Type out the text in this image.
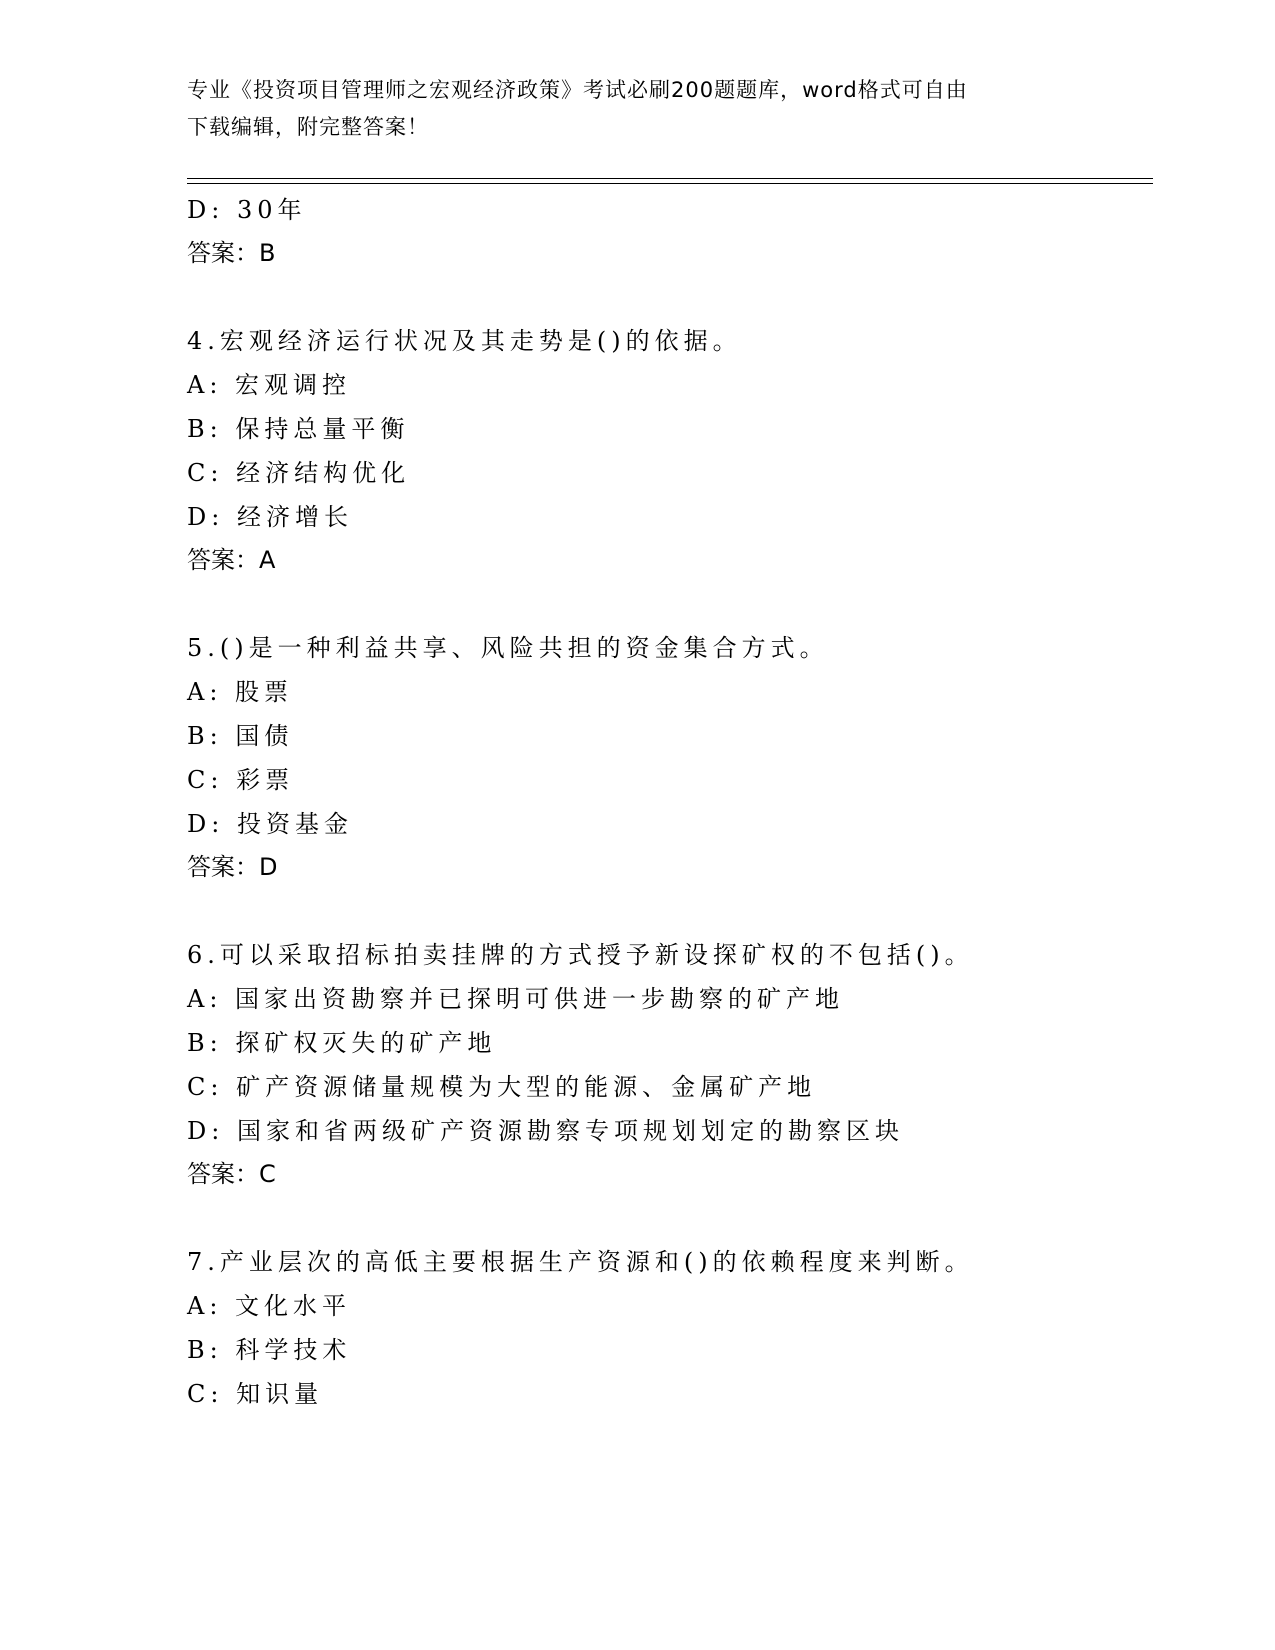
专业《投资项目管理师之宏观经济政策》考试必刷200题题库，word格式可自由
下载编辑，附完整答案！
D: 30年
答案：B
4.宏观经济运行状况及其走势是()的依据。
A: 宏观调控
B: 保持总量平衡
C: 经济结构优化
D: 经济增长
答案：A
5.()是一种利益共享、风险共担的资金集合方式。
A: 股票
B: 国债
C: 彩票
D: 投资基金
答案：D
6.可以采取招标拍卖挂牌的方式授予新设探矿权的不包括()。
A: 国家出资勘察并已探明可供进一步勘察的矿产地
B: 探矿权灭失的矿产地
C: 矿产资源储量规模为大型的能源、金属矿产地
D: 国家和省两级矿产资源勘察专项规划划定的勘察区块
答案：C
7.产业层次的高低主要根据生产资源和()的依赖程度来判断。
A: 文化水平
B: 科学技术
C: 知识量
